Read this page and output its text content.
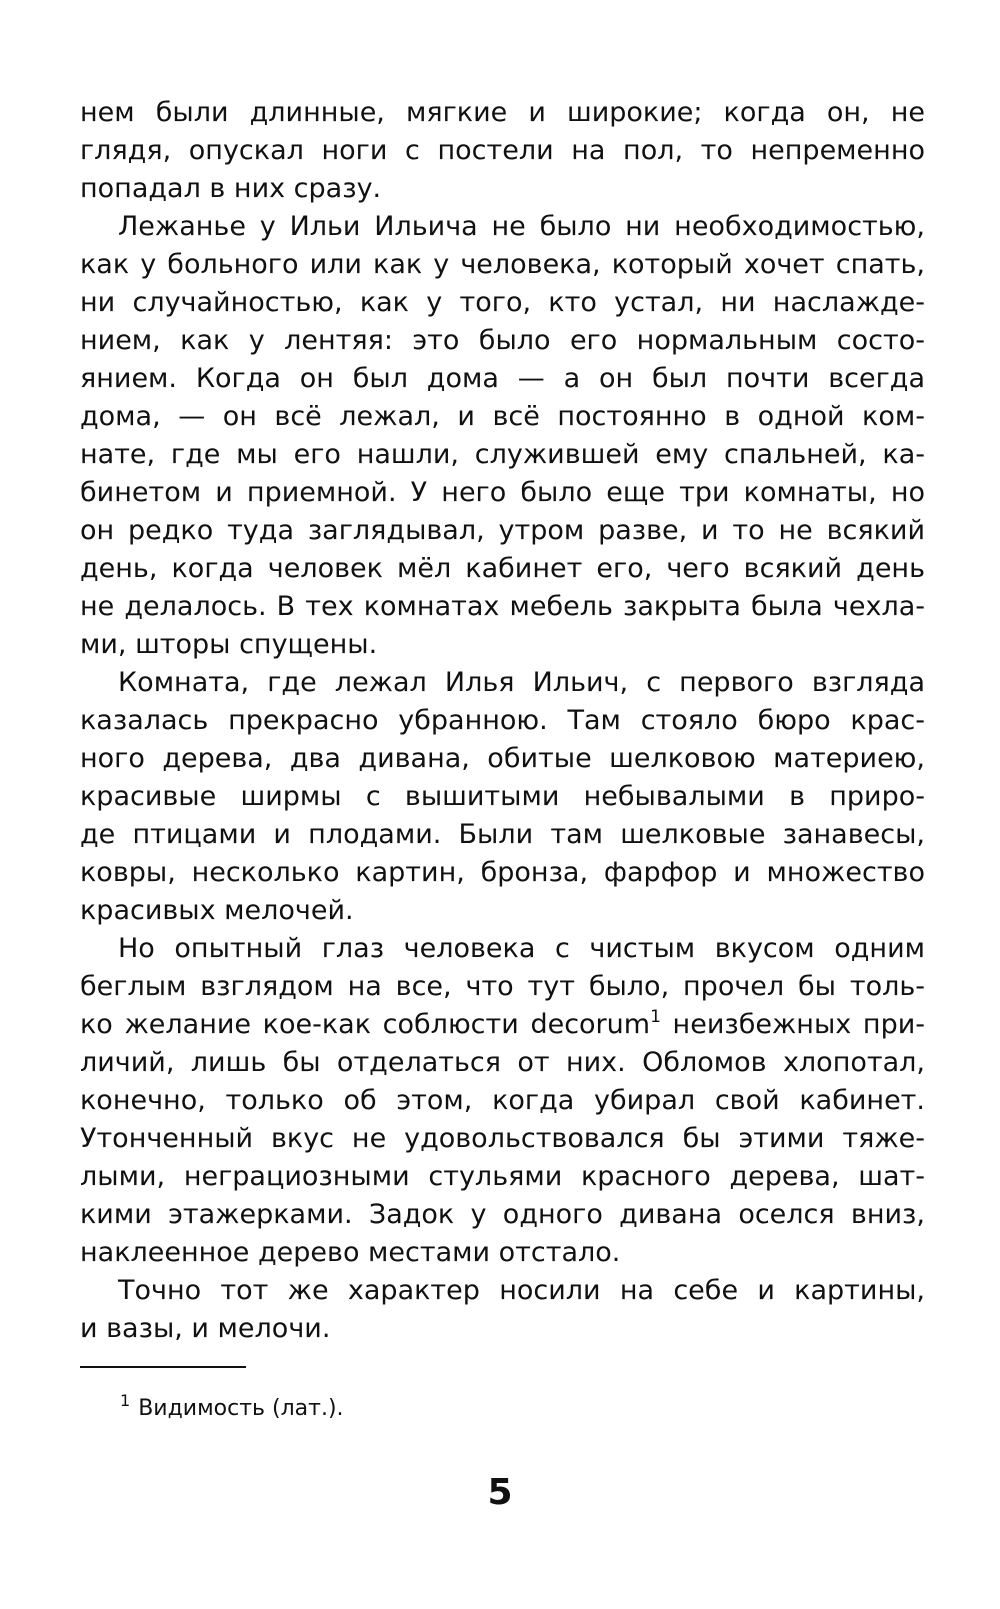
нем были длинные, мягкие и широкие; когда он, не
глядя, опускал ноги с постели на пол, то непременно
попадал в них сразу.
Лежанье у Ильи Ильича не было ни необходимостью,
как у больного или как у человека, который хочет спать,
ни случайностью, как у того, кто устал, ни наслажде-
нием, как у лентяя: это было его нормальным состо-
янием. Когда он был дома — а он был почти всегда
дома, — он всё лежал, и всё постоянно в одной ком-
нате, где мы его нашли, служившей ему спальней, ка-
бинетом и приемной. У него было еще три комнаты, но
он редко туда заглядывал, утром разве, и то не всякий
день, когда человек мёл кабинет его, чего всякий день
не делалось. В тех комнатах мебель закрыта была чехла-
ми, шторы спущены.
Комната, где лежал Илья Ильич, с первого взгляда
казалась прекрасно убранною. Там стояло бюро крас-
ного дерева, два дивана, обитые шелковою материею,
красивые ширмы с вышитыми небывалыми в приро-
де птицами и плодами. Были там шелковые занавесы,
ковры, несколько картин, бронза, фарфор и множество
красивых мелочей.
Но опытный глаз человека с чистым вкусом одним
беглым взглядом на все, что тут было, прочел бы толь-
ко желание кое-как соблюсти decorum$^1$ неизбежных при-
личий, лишь бы отделаться от них. Обломов хлопотал,
конечно, только об этом, когда убирал свой кабинет.
Утонченный вкус не удовольствовался бы этими тяже-
лыми, неграциозными стульями красного дерева, шат-
кими этажерками. Задок у одного дивана оселся вниз,
наклеенное дерево местами отстало.
Точно тот же характер носили на себе и картины,
и вазы, и мелочи.
$^1$ Видимость (лат.).
5
